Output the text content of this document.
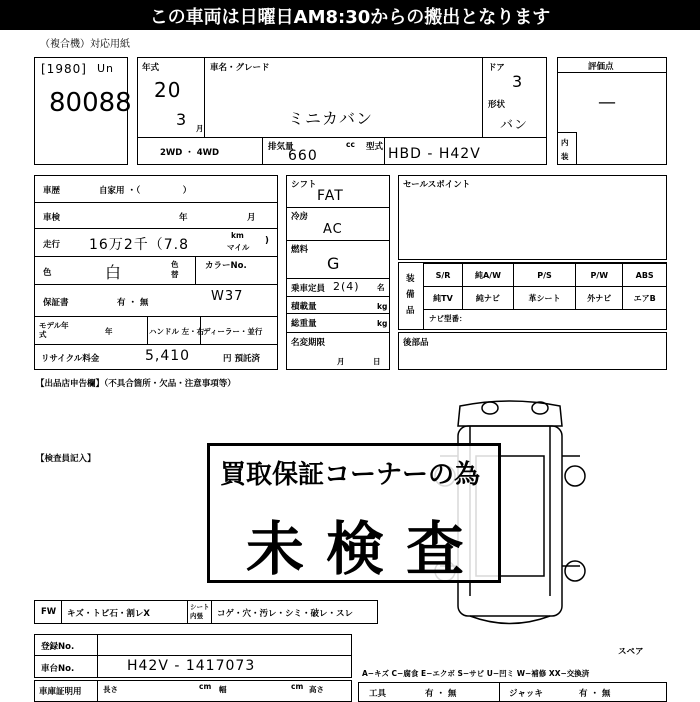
この車両は日曜日AM8:30からの搬出となります
（複合機）対応用紙
[1980] Un
80088
年式
20
3 月
車名・グレード
ミニカバン
ドア
3
形状
バン
2WD ・ 4WD
排気量
660
cc 型式 HBD - H42V
評価点
—
内装
車歴	自家用 ・（　　　　　）
車検	年	月
走行 16万2千（7.8
km
マイル
)
色	白	色替
カラーNo.
保証書	有 ・ 無	W37
モデル年式	年	ハンドル 左・右
ディーラー・並行
リサイクル料金	5,410	円 預託済
シフト
FAT
冷房
AC
燃料
G
乗車定員 2(4) 名
積載量	kg
総重量	kg
名変期限
月	日
セールスポイント
装備品
S/R	純A/W	P/S	P/W	ABS
純TV	純ナビ	革シート	外ナビ	エアB
ナビ型番：
後部品
【出品店申告欄】（不具合箇所・欠品・注意事項等）
【検査員記入】
買取保証コーナーの為
未検査
FW キズ・トビ石・割レX
シート内張	コゲ・穴・汚レ・シミ・破レ・スレ
登録No.
車台No.	H42V - 1417073
車庫証明用	長さ	cm 幅	cm 高さ
スペア
A−キズ C−腐食 E−エクボ S−サビ U−凹ミ W−補修 XX−交換済
工具	有 ・ 無	ジャッキ	有 ・ 無
